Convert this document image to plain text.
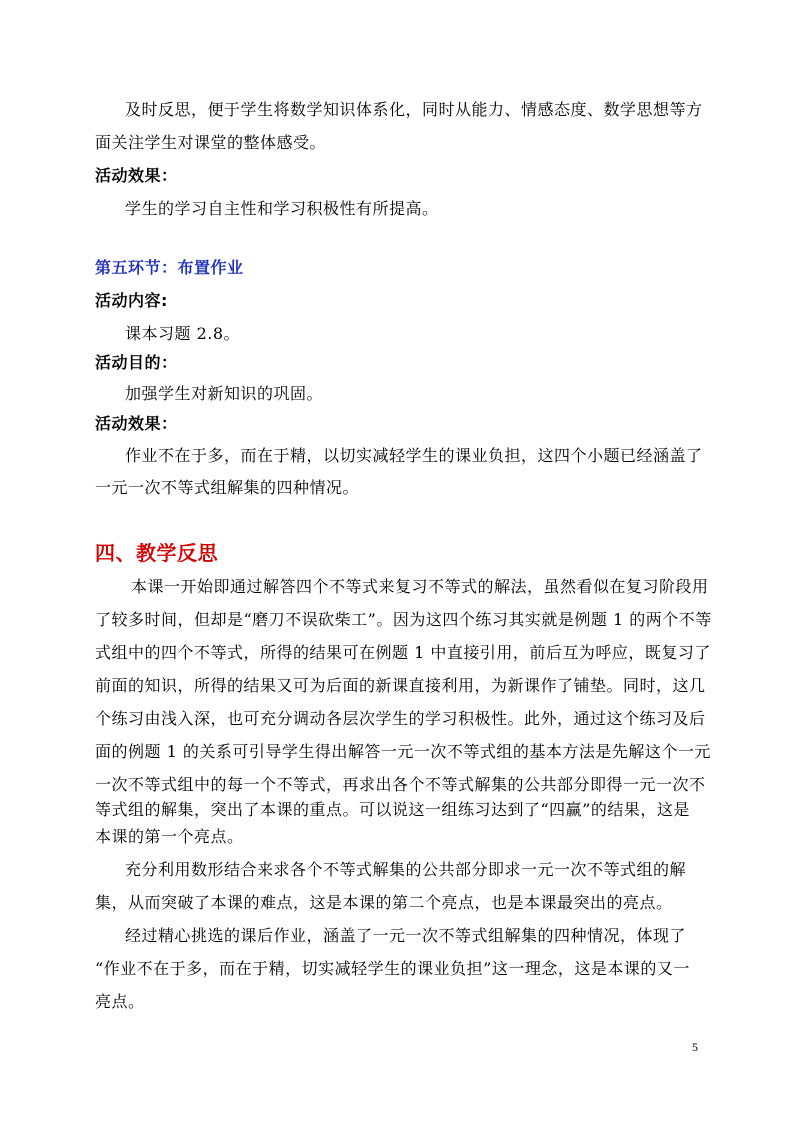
及时反思，便于学生将数学知识体系化，同时从能力、情感态度、数学思想等方
面关注学生对课堂的整体感受。
活动效果：
学生的学习自主性和学习积极性有所提高。
第五环节：布置作业
活动内容:
课本习题 2.8。
活动目的：
加强学生对新知识的巩固。
活动效果：
作业不在于多，而在于精，以切实减轻学生的课业负担，这四个小题已经涵盖了
一元一次不等式组解集的四种情况。
四、教学反思
本课一开始即通过解答四个不等式来复习不等式的解法，虽然看似在复习阶段用
了较多时间，但却是“磨刀不误砍柴工”。因为这四个练习其实就是例题 1 的两个不等
式组中的四个不等式，所得的结果可在例题 1 中直接引用，前后互为呼应，既复习了
前面的知识，所得的结果又可为后面的新课直接利用，为新课作了铺垫。同时，这几
个练习由浅入深，也可充分调动各层次学生的学习积极性。此外，通过这个练习及后
面的例题 1 的关系可引导学生得出解答一元一次不等式组的基本方法是先解这个一元
一次不等式组中的每一个不等式，再求出各个不等式解集的公共部分即得一元一次不
等式组的解集，突出了本课的重点。可以说这一组练习达到了“四赢”的结果，这是
本课的第一个亮点。
充分利用数形结合来求各个不等式解集的公共部分即求一元一次不等式组的解
集，从而突破了本课的难点，这是本课的第二个亮点，也是本课最突出的亮点。
经过精心挑选的课后作业，涵盖了一元一次不等式组解集的四种情况，体现了
“作业不在于多，而在于精，切实减轻学生的课业负担”这一理念，这是本课的又一
亮点。
5
